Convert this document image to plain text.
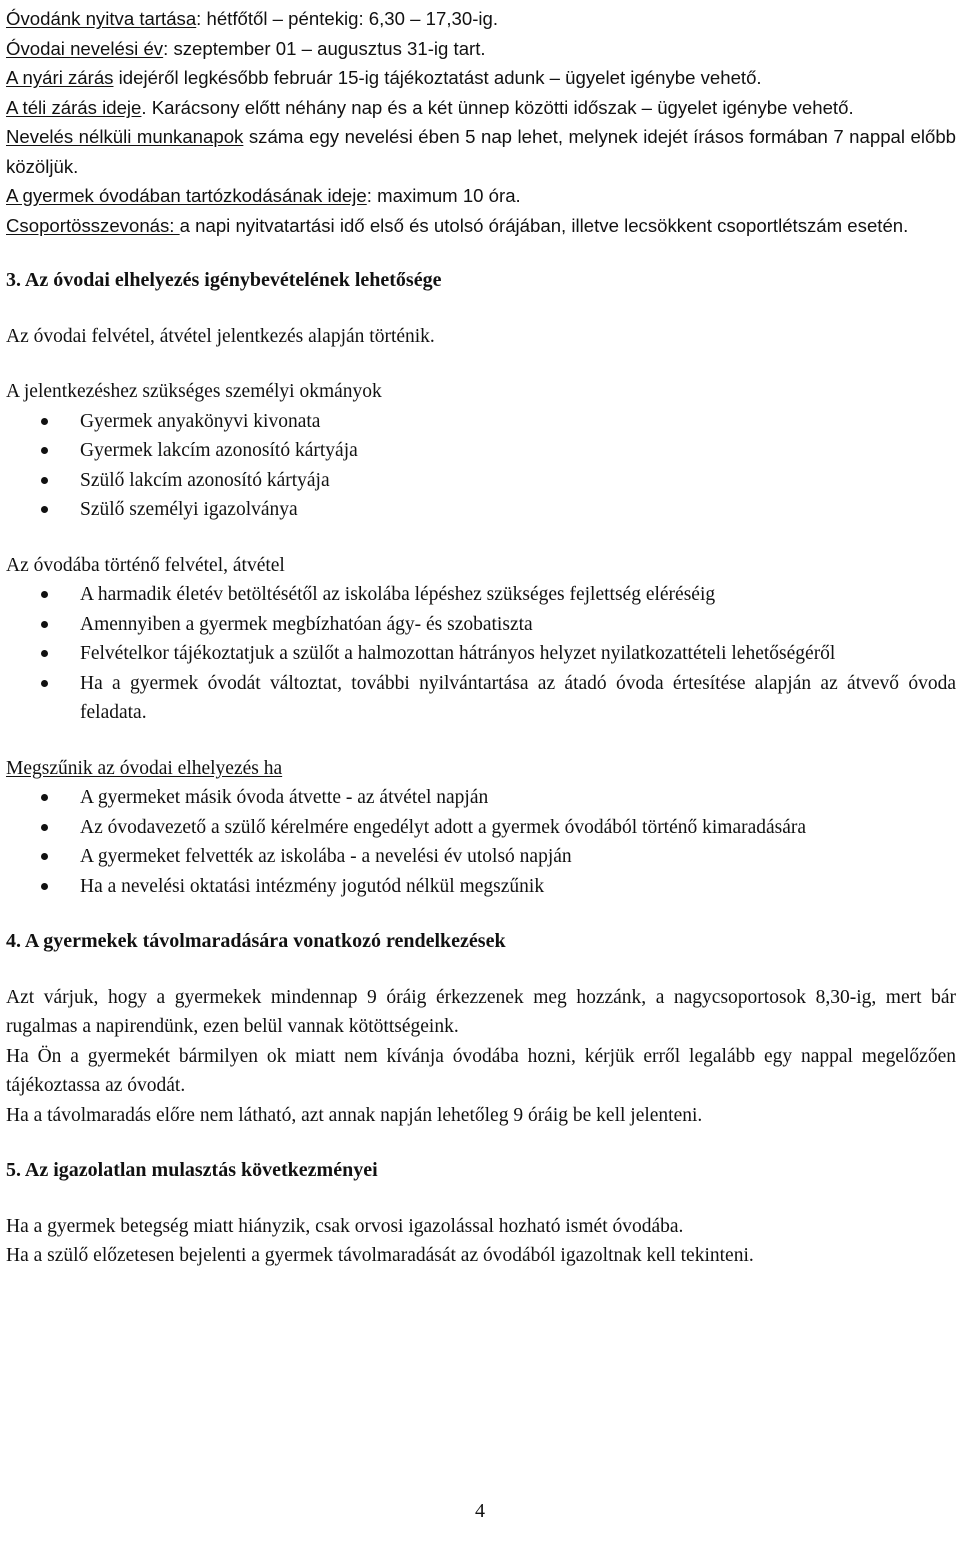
Óvodánk nyitva tartása: hétfőtől – péntekig: 6,30 – 17,30-ig.

Óvodai nevelési év: szeptember 01 – augusztus 31-ig tart.

A nyári zárás idejéről legkésőbb február 15-ig tájékoztatást adunk – ügyelet igénybe vehető.

A téli zárás ideje. Karácsony előtt néhány nap és a két ünnep közötti időszak – ügyelet igénybe vehető.

Nevelés nélküli munkanapok száma egy nevelési ében 5 nap lehet, melynek idejét írásos formában 7 nappal előbb közöljük.

A gyermek óvodában tartózkodásának ideje: maximum 10 óra.

Csoportösszevonás: a napi nyitvatartási idő első és utolsó órájában, illetve lecsökkent csoportlétszám esetén.

3. Az óvodai elhelyezés igénybevételének lehetősége

Az óvodai felvétel, átvétel jelentkezés alapján történik.

A jelentkezéshez szükséges személyi okmányok

Gyermek anyakönyvi kivonata
Gyermek lakcím azonosító kártyája
Szülő lakcím azonosító kártyája
Szülő személyi igazolványa

Az óvodába történő felvétel, átvétel

A harmadik életév betöltésétől az iskolába lépéshez szükséges fejlettség eléréséig
Amennyiben a gyermek megbízhatóan ágy- és szobatiszta
Felvételkor tájékoztatjuk a szülőt a halmozottan hátrányos helyzet nyilatkozattételi lehetőségéről
Ha a gyermek óvodát változtat, további nyilvántartása az átadó óvoda értesítése alapján az átvevő óvoda feladata.

Megszűnik az óvodai elhelyezés ha

A gyermeket másik óvoda átvette - az átvétel napján
Az óvodavezető a szülő kérelmére engedélyt adott a gyermek óvodából történő kimaradására
A gyermeket felvették az iskolába - a nevelési év utolsó napján
Ha a nevelési oktatási intézmény jogutód nélkül megszűnik
4. A gyermekek távolmaradására vonatkozó rendelkezések

Azt várjuk, hogy a gyermekek mindennap 9 óráig érkezzenek meg hozzánk, a nagycsoportosok 8,30-ig, mert bár rugalmas a napirendünk, ezen belül vannak kötöttségeink.

Ha Ön a gyermekét bármilyen ok miatt nem kívánja óvodába hozni, kérjük erről legalább egy nappal megelőzően tájékoztassa az óvodát.

Ha a távolmaradás előre nem látható, azt annak napján lehetőleg 9 óráig be kell jelenteni.

5. Az igazolatlan mulasztás következményei

Ha a gyermek betegség miatt hiányzik, csak orvosi igazolással hozható ismét óvodába.

Ha a szülő előzetesen bejelenti a gyermek távolmaradását az óvodából igazoltnak kell tekinteni.

4
